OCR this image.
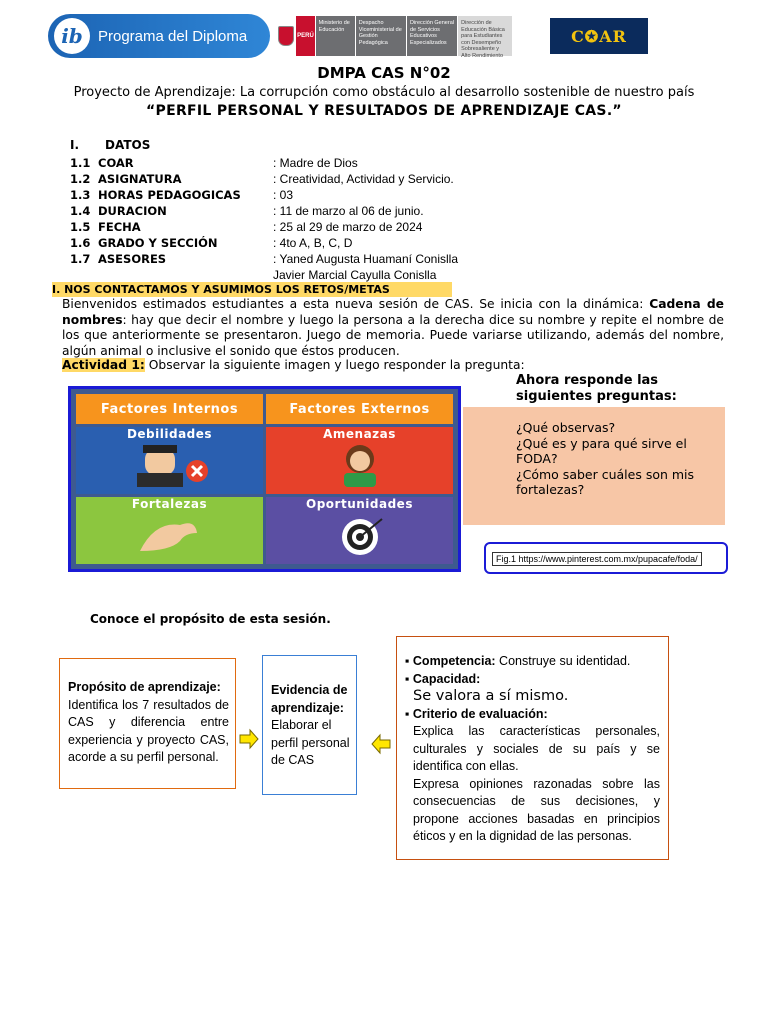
ib	Programa del Diploma	PERÚ
Ministerio de Educación
Despacho Viceministerial de Gestión Pedagógica
Dirección General de Servicios Educativos Especializados
Dirección de Educación Básica para Estudiantes con Desempeño Sobresaliente y Alto Rendimiento
C✪AR
DMPA CAS N°02
Proyecto de Aprendizaje: La corrupción como obstáculo al desarrollo sostenible de nuestro país
“PERFIL PERSONAL Y RESULTADOS DE APRENDIZAJE CAS.”
I. DATOS
1.1 COAR	: Madre de Dios
1.2 ASIGNATURA	: Creatividad, Actividad y Servicio.
1.3 HORAS PEDAGOGICAS	: 03
1.4 DURACION	: 11 de marzo al 06 de junio.
1.5 FECHA	: 25 al 29 de marzo de 2024
1.6 GRADO Y SECCIÓN	: 4to A, B, C, D
1.7 ASESORES	: Yaned Augusta Huamaní Conislla
Javier Marcial Cayulla Conislla
I. NOS CONTACTAMOS Y ASUMIMOS LOS RETOS/METAS
Bienvenidos estimados estudiantes a esta nueva sesión de CAS. Se inicia con la dinámica: Cadena de nombres: hay que decir el nombre y luego la persona a la derecha dice su nombre y repite el nombre de los que anteriormente se presentaron. Juego de memoria. Puede variarse utilizando, además del nombre, algún animal o inclusive el sonido que éstos producen.
Actividad 1: Observar la siguiente imagen y luego responder la pregunta:
Factores Internos	Factores Externos
Debilidades	Amenazas
Fortalezas	Oportunidades
Ahora responde las siguientes preguntas:
¿Qué observas?
¿Qué es y para qué sirve el FODA?
¿Cómo saber cuáles son mis fortalezas?
Fig.1 https://www.pinterest.com.mx/pupacafe/foda/
Conoce el propósito de esta sesión.
Propósito de aprendizaje:
Identifica los 7 resultados de CAS y diferencia entre experiencia y proyecto CAS, acorde a su perfil personal.
Evidencia de aprendizaje:
Elaborar el perfil personal de CAS
▪ Competencia: Construye su identidad.
▪ Capacidad:
Se valora a sí mismo.
▪ Criterio de evaluación:
Explica las características personales, culturales y sociales de su país y se identifica con ellas.
Expresa opiniones razonadas sobre las consecuencias de sus decisiones, y propone acciones basadas en principios éticos y en la dignidad de las personas.
